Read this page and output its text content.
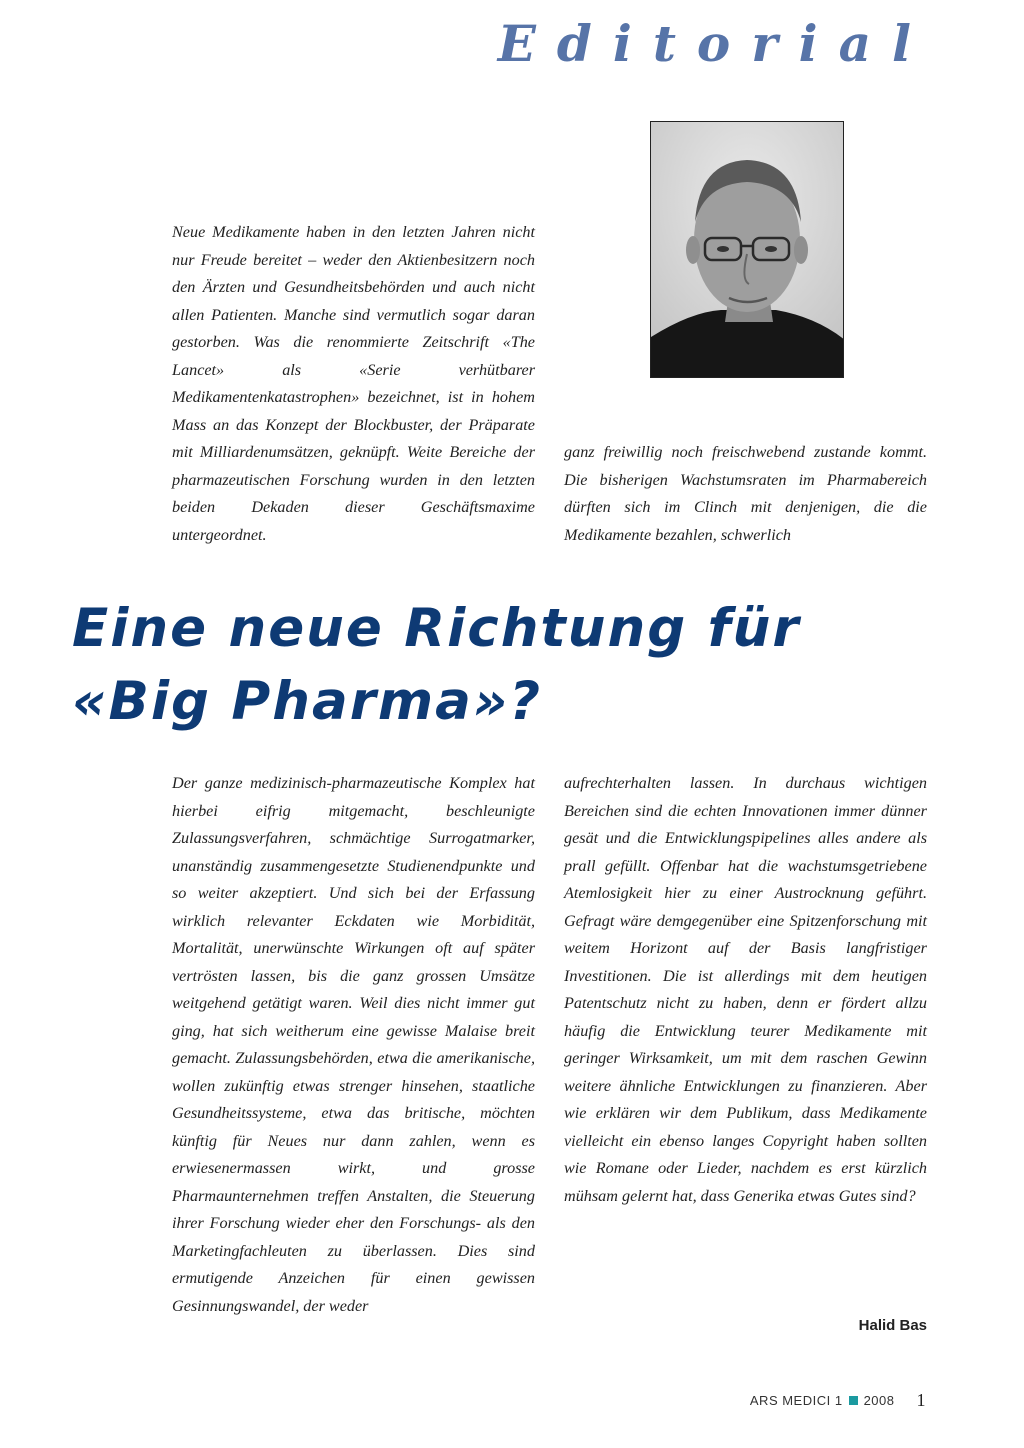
Editorial

Neue Medikamente haben in den letzten Jahren nicht nur Freude bereitet – weder den Aktienbesitzern noch den Ärzten und Gesundheitsbehörden und auch nicht allen Patienten. Manche sind vermutlich sogar daran gestorben. Was die renommierte Zeitschrift «The Lancet» als «Serie verhütbarer Medikamentenkatastrophen» bezeichnet, ist in hohem Mass an das Konzept der Blockbuster, der Präparate mit Milliardenumsätzen, geknüpft. Weite Bereiche der pharmazeutischen Forschung wurden in den letzten beiden Dekaden dieser Geschäftsmaxime untergeordnet.

ganz freiwillig noch freischwebend zustande kommt. Die bisherigen Wachstumsraten im Pharmabereich dürften sich im Clinch mit denjenigen, die die Medikamente bezahlen, schwerlich

Eine neue Richtung für
«Big Pharma»?

Der ganze medizinisch-pharmazeutische Komplex hat hierbei eifrig mitgemacht, beschleunigte Zulassungsverfahren, schmächtige Surrogatmarker, unanständig zusammengesetzte Studienendpunkte und so weiter akzeptiert. Und sich bei der Erfassung wirklich relevanter Eckdaten wie Morbidität, Mortalität, unerwünschte Wirkungen oft auf später vertrösten lassen, bis die ganz grossen Umsätze weitgehend getätigt waren. Weil dies nicht immer gut ging, hat sich weitherum eine gewisse Malaise breit gemacht. Zulassungsbehörden, etwa die amerikanische, wollen zukünftig etwas strenger hinsehen, staatliche Gesundheitssysteme, etwa das britische, möchten künftig für Neues nur dann zahlen, wenn es erwiesenermassen wirkt, und grosse Pharmaunternehmen treffen Anstalten, die Steuerung ihrer Forschung wieder eher den Forschungs- als den Marketingfachleuten zu überlassen. Dies sind ermutigende Anzeichen für einen gewissen Gesinnungswandel, der weder

aufrechterhalten lassen. In durchaus wichtigen Bereichen sind die echten Innovationen immer dünner gesät und die Entwicklungspipelines alles andere als prall gefüllt. Offenbar hat die wachstumsgetriebene Atemlosigkeit hier zu einer Austrocknung geführt. Gefragt wäre demgegenüber eine Spitzenforschung mit weitem Horizont auf der Basis langfristiger Investitionen. Die ist allerdings mit dem heutigen Patentschutz nicht zu haben, denn er fördert allzu häufig die Entwicklung teurer Medikamente mit geringer Wirksamkeit, um mit dem raschen Gewinn weitere ähnliche Entwicklungen zu finanzieren. Aber wie erklären wir dem Publikum, dass Medikamente vielleicht ein ebenso langes Copyright haben sollten wie Romane oder Lieder, nachdem es erst kürzlich mühsam gelernt hat, dass Generika etwas Gutes sind?

Halid Bas
ARS MEDICI 1 2008 1
